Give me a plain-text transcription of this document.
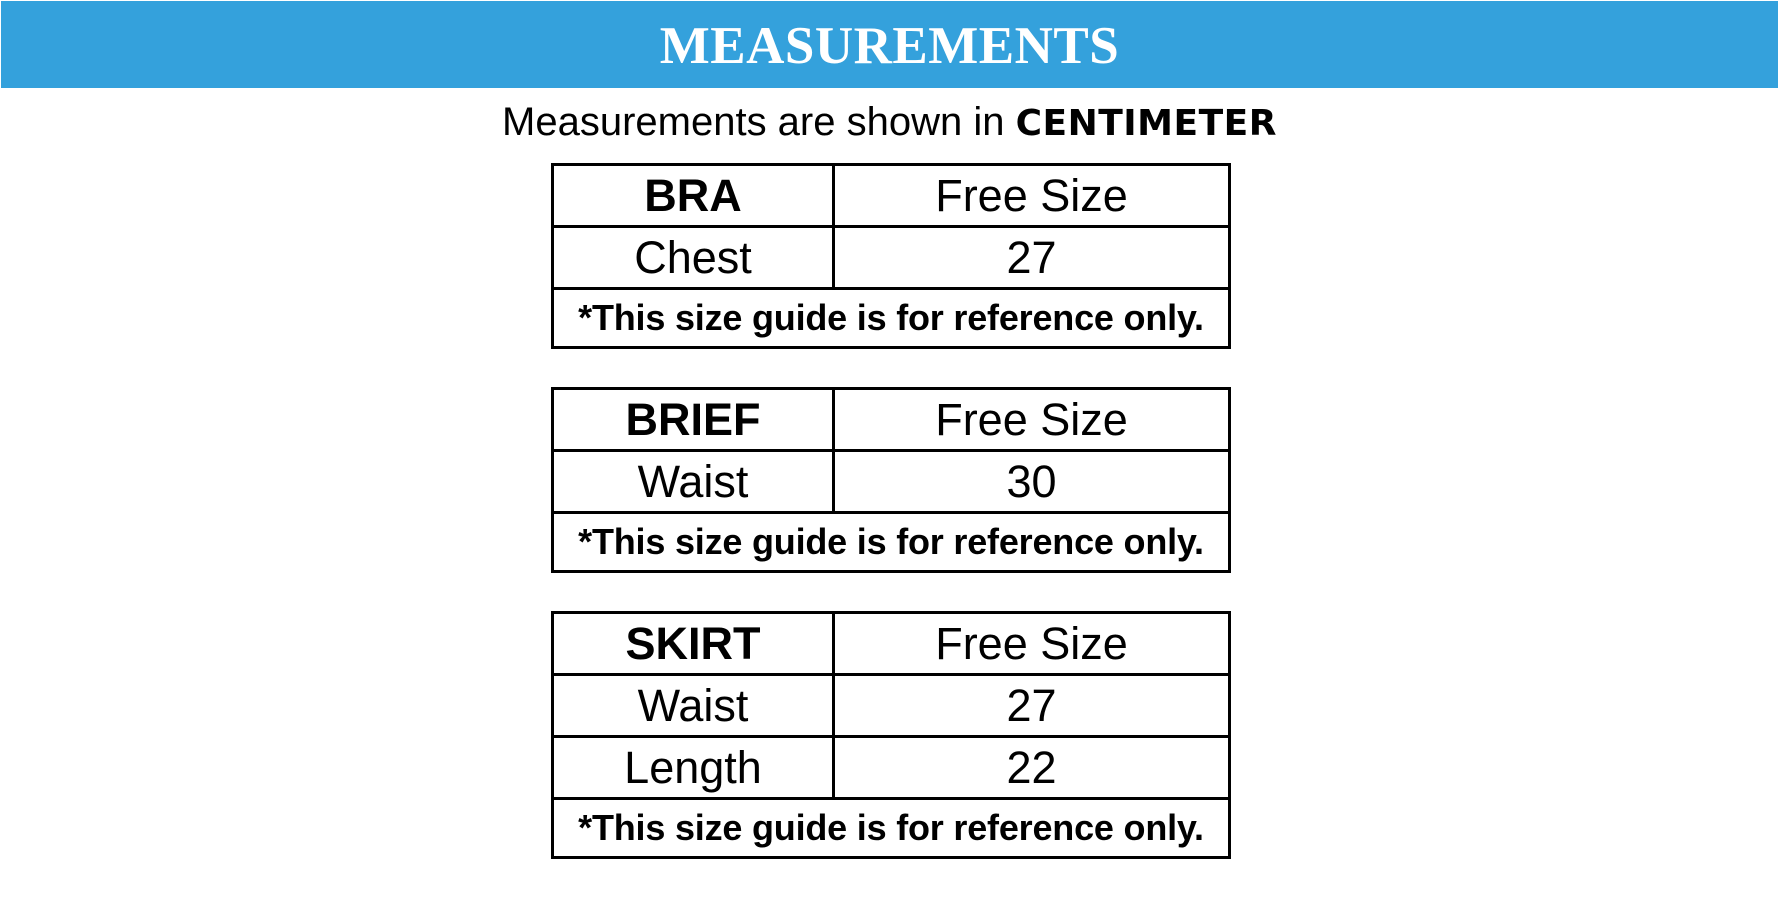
MEASUREMENTS
Measurements are shown in CENTIMETER
BRA	Free Size
Chest	27
*This size guide is for reference only.	
BRIEF	Free Size
Waist	30
*This size guide is for reference only.	
SKIRT	Free Size
Waist	27
Length	22
*This size guide is for reference only.	
